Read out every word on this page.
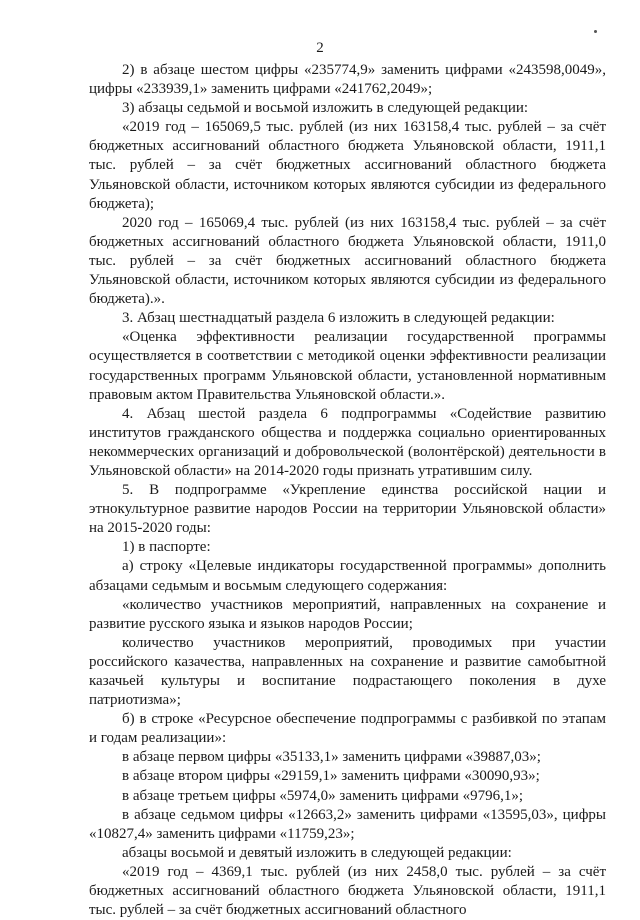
2

2) в абзаце шестом цифры «235774,9» заменить цифрами «243598,0049», цифры «233939,1» заменить цифрами «241762,2049»;

3) абзацы седьмой и восьмой изложить в следующей редакции:

«2019 год – 165069,5 тыс. рублей (из них 163158,4 тыс. рублей – за счёт бюджетных ассигнований областного бюджета Ульяновской области, 1911,1 тыс. рублей – за счёт бюджетных ассигнований областного бюджета Ульяновской области, источником которых являются субсидии из федерального бюджета);

2020 год – 165069,4 тыс. рублей (из них 163158,4 тыс. рублей – за счёт бюджетных ассигнований областного бюджета Ульяновской области, 1911,0 тыс. рублей – за счёт бюджетных ассигнований областного бюджета Ульяновской области, источником которых являются субсидии из федерального бюджета).».

3. Абзац шестнадцатый раздела 6 изложить в следующей редакции:

«Оценка эффективности реализации государственной программы осуществляется в соответствии с методикой оценки эффективности реализации государственных программ Ульяновской области, установленной нормативным правовым актом Правительства Ульяновской области.».

4. Абзац шестой раздела 6 подпрограммы «Содействие развитию институтов гражданского общества и поддержка социально ориентированных некоммерческих организаций и добровольческой (волонтёрской) деятельности в Ульяновской области» на 2014-2020 годы признать утратившим силу.

5. В подпрограмме «Укрепление единства российской нации и этнокультурное развитие народов России на территории Ульяновской области» на 2015-2020 годы:

1) в паспорте:

а) строку «Целевые индикаторы государственной программы» дополнить абзацами седьмым и восьмым следующего содержания:

«количество участников мероприятий, направленных на сохранение и развитие русского языка и языков народов России;

количество участников мероприятий, проводимых при участии российского казачества, направленных на сохранение и развитие самобытной казачьей культуры и воспитание подрастающего поколения в духе патриотизма»;

б) в строке «Ресурсное обеспечение подпрограммы с разбивкой по этапам и годам реализации»:

в абзаце первом цифры «35133,1» заменить цифрами «39887,03»;

в абзаце втором цифры «29159,1» заменить цифрами «30090,93»;

в абзаце третьем цифры «5974,0» заменить цифрами «9796,1»;

в абзаце седьмом цифры «12663,2» заменить цифрами «13595,03», цифры «10827,4» заменить цифрами «11759,23»;

абзацы восьмой и девятый изложить в следующей редакции:

«2019 год – 4369,1 тыс. рублей (из них 2458,0 тыс. рублей – за счёт бюджетных ассигнований областного бюджета Ульяновской области, 1911,1 тыс. рублей – за счёт бюджетных ассигнований областного
